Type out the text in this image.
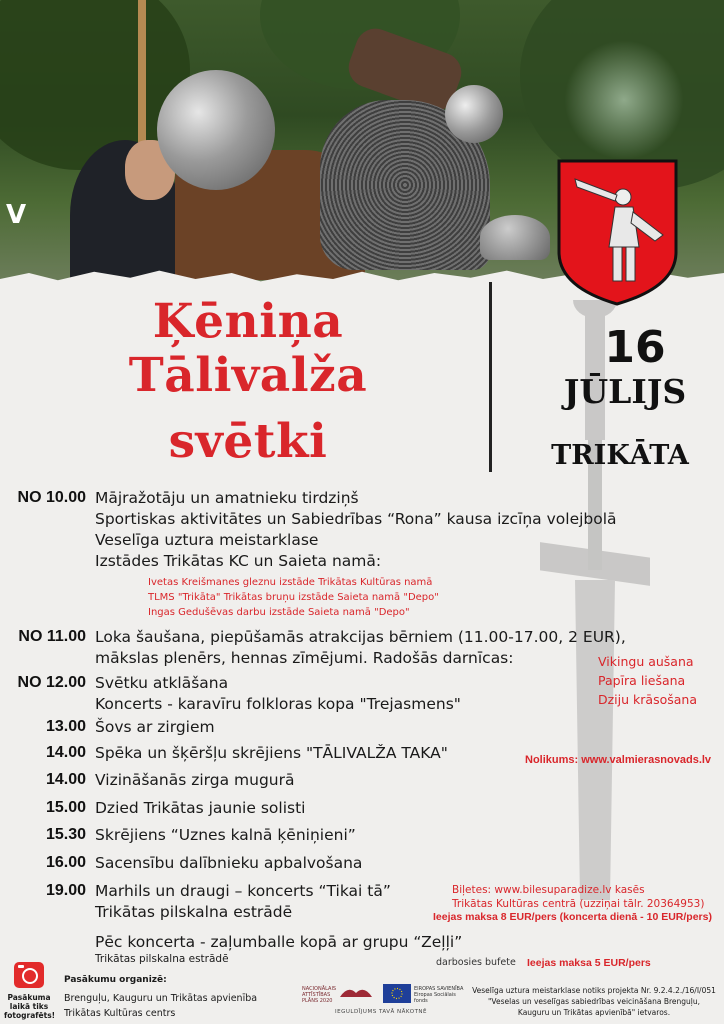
V
Ķēniņa
Tālivalža
svētki
16
JŪLIJS
TRIKĀTA
NO 10.00 Mājražotāju un amatnieku tirdziņš
Sportiskas aktivitātes un Sabiedrības “Rona” kausa izcīņa volejbolā
Veselīga uztura meistarklase
Izstādes Trikātas KC un Saieta namā:
Ivetas Kreišmanes gleznu izstāde Trikātas Kultūras namā
TLMS "Trikāta" Trikātas bruņu izstāde Saieta namā "Depo"
Ingas Gedušēvas darbu izstāde Saieta namā "Depo"
NO 11.00 Loka šaušana, piepūšamās atrakcijas bērniem (11.00-17.00, 2 EUR),
mākslas plenērs, hennas zīmējumi. Radošās darnīcas:	Vikingu aušana
Papīra liešana
Dziju krāsošana
NO 12.00 Svētku atklāšana
Koncerts - karavīru folkloras kopa "Trejasmens"
13.00 Šovs ar zirgiem
14.00 Spēka un šķēršļu skrējiens "TĀLIVALŽA TAKA"	Nolikums: www.valmierasnovads.lv
14.00 Vizināšanās zirga mugurā
15.00 Dzied Trikātas jaunie solisti
15.30 Skrējiens “Uznes kalnā ķēniņieni”
16.00 Sacensību dalībnieku apbalvošana
19.00 Marhils un draugi – koncerts “Tikai tā”
Trikātas pilskalna estrādē
Biļetes: www.bilesuparadize.lv kasēs
Trikātas Kultūras centrā (uzziņai tālr. 20364953)
Ieejas maksa 8 EUR/pers (koncerta dienā - 10 EUR/pers)
Pēc koncerta - zaļumballe kopā ar grupu “Zeļļi”
Trikātas pilskalna estrādē	darbosies bufete Ieejas maksa 5 EUR/pers
Pasākuma
laikā tiks
fotografēts!
Pasākumu organizē:
Brenguļu, Kauguru un Trikātas apvienība
Trikātas Kultūras centrs
NACIONĀLAIS
ATTĪSTĪBAS
PLĀNS 2020
EIROPAS SAVIENĪBA
Eiropas Sociālais
fonds
IEGULDĪJUMS TAVĀ NĀKOTNĒ
Veselīga uztura meistarklase notiks projekta Nr. 9.2.4.2./16/I/051
"Veselas un veselīgas sabiedrības veicināšana Brenguļu,
Kauguru un Trikātas apvienībā" ietvaros.
